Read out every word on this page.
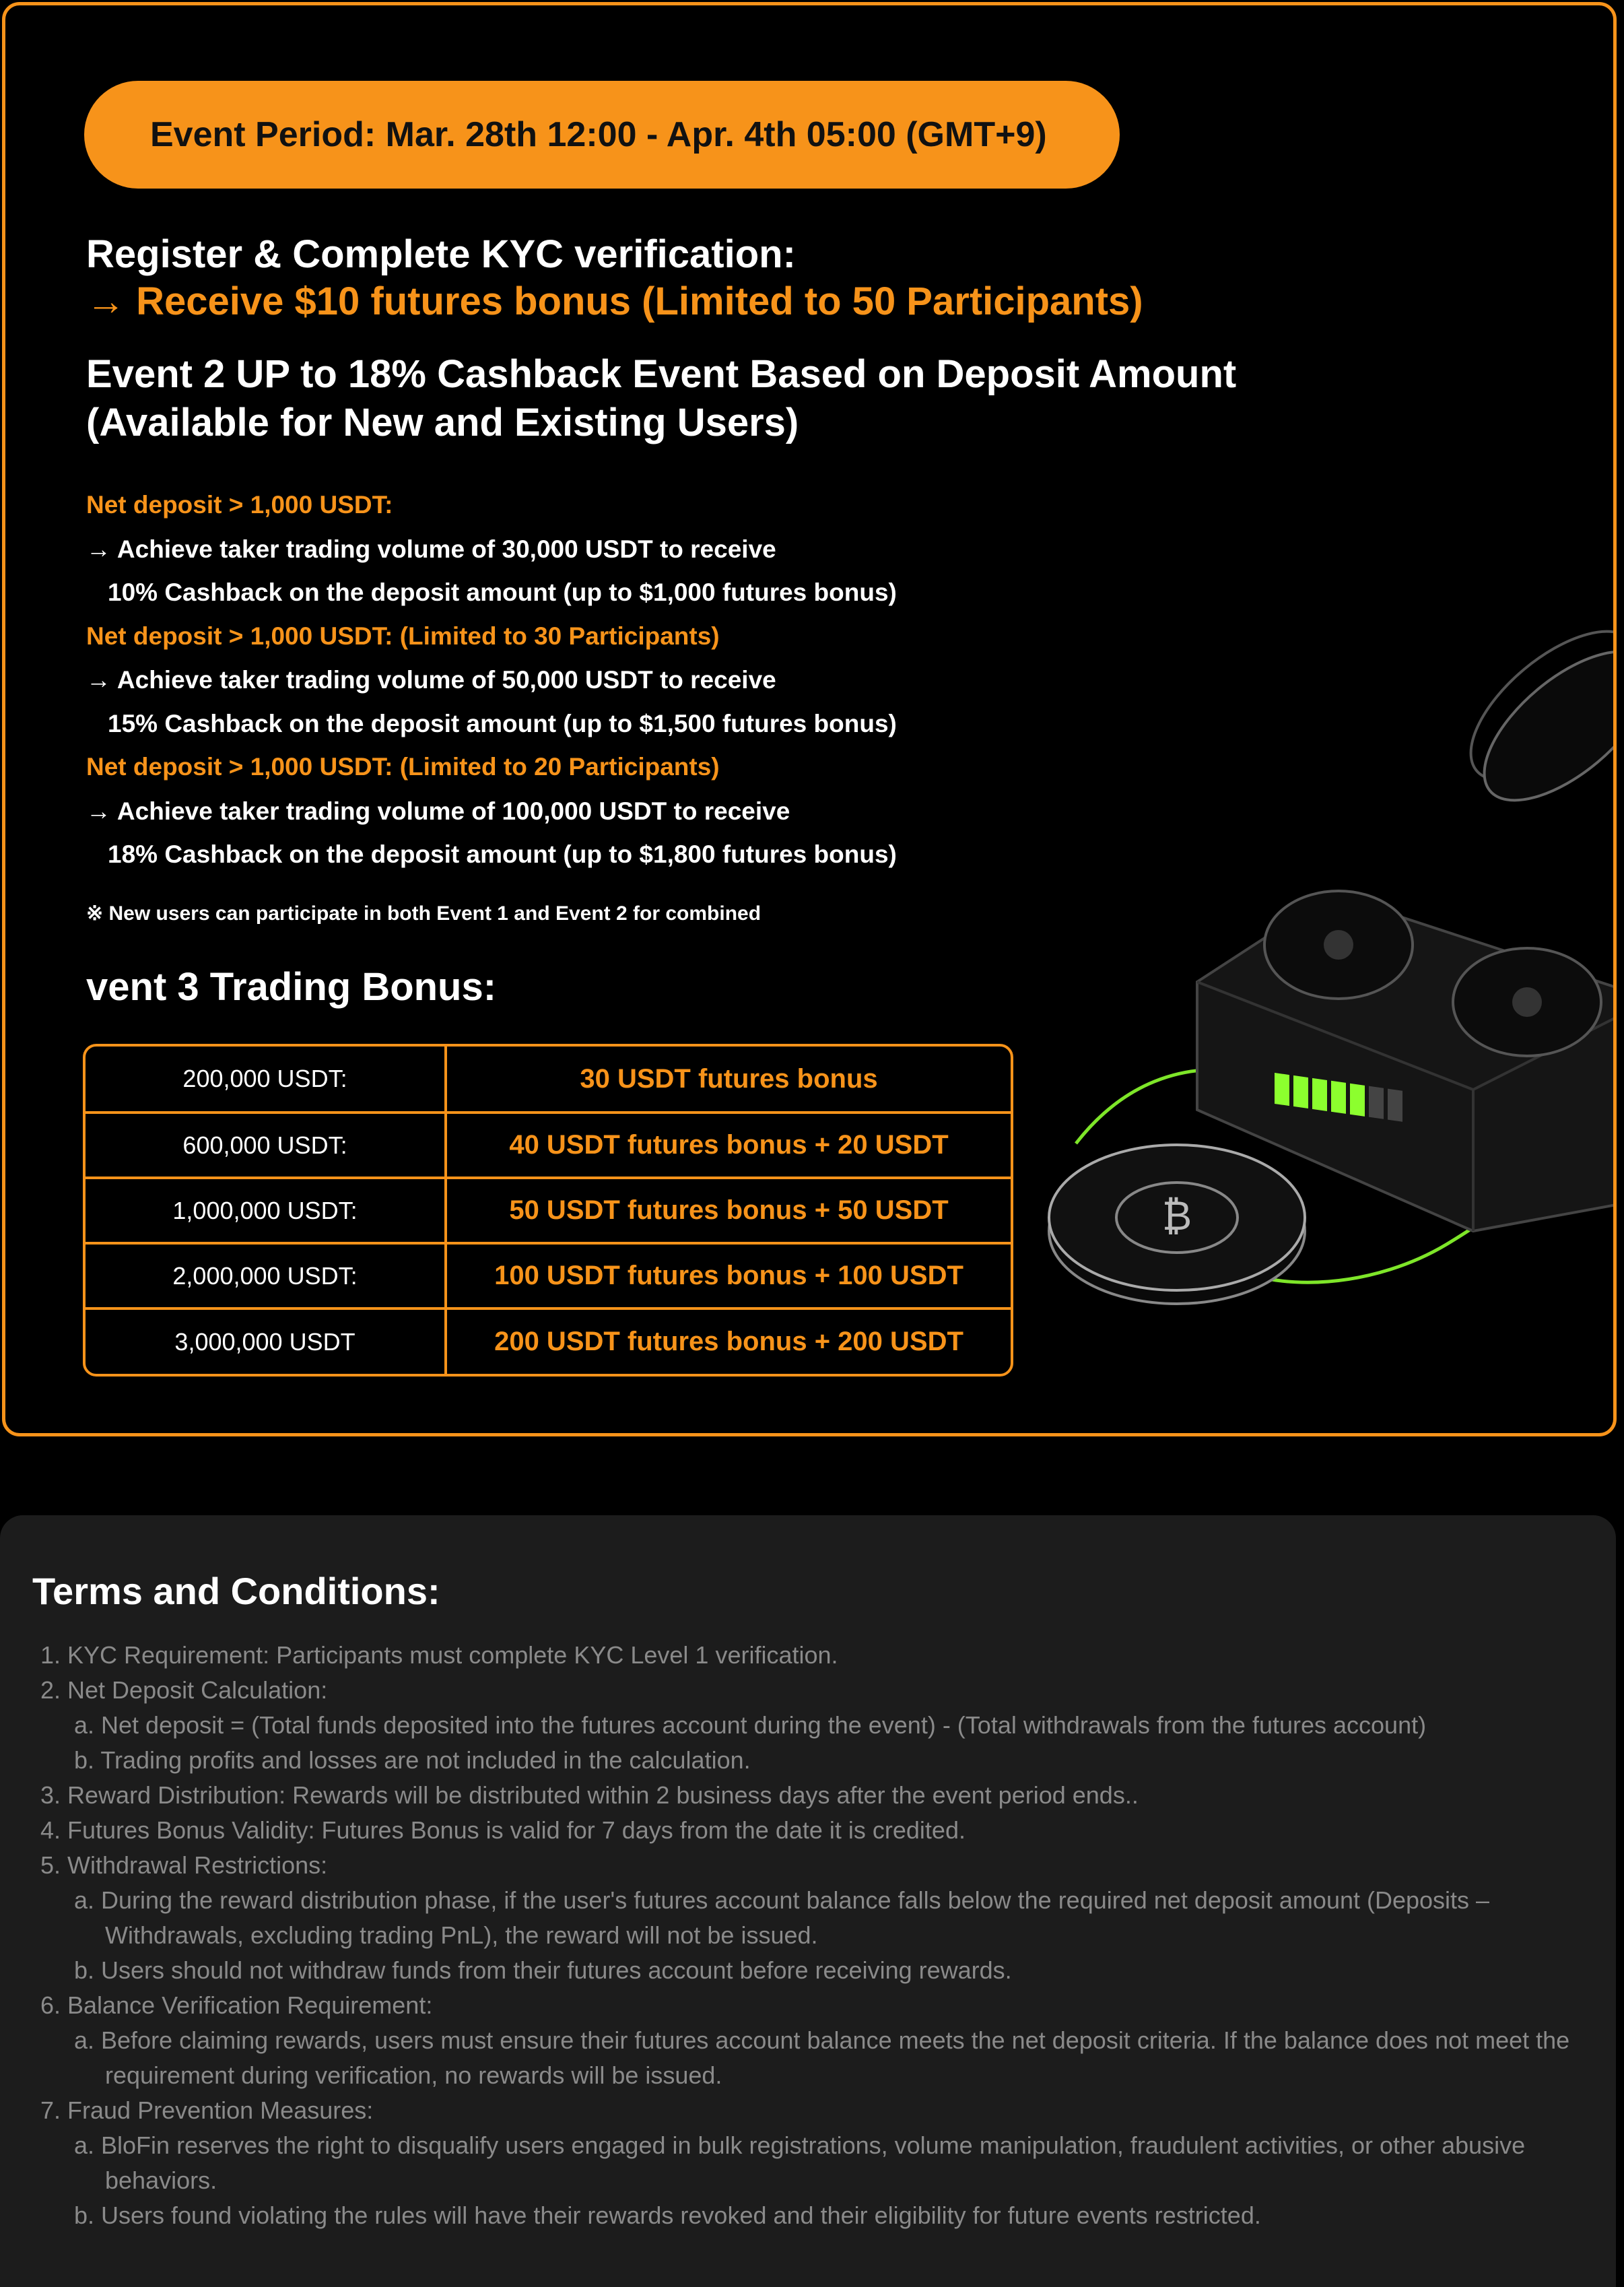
Event Period: Mar. 28th 12:00 - Apr. 4th 05:00 (GMT+9)
Register & Complete KYC verification:
→ Receive $10 futures bonus (Limited to 50 Participants)
Event 2 UP to 18% Cashback Event Based on Deposit Amount
(Available for New and Existing Users)
Net deposit > 1,000 USDT:
→ Achieve taker trading volume of 30,000 USDT to receive
10% Cashback on the deposit amount (up to $1,000 futures bonus)
Net deposit > 1,000 USDT: (Limited to 30 Participants)
→ Achieve taker trading volume of 50,000 USDT to receive
15% Cashback on the deposit amount (up to $1,500 futures bonus)
Net deposit > 1,000 USDT: (Limited to 20 Participants)
→ Achieve taker trading volume of 100,000 USDT to receive
18% Cashback on the deposit amount (up to $1,800 futures bonus)
※ New users can participate in both Event 1 and Event 2 for combined
vent 3 Trading Bonus:
200,000 USDT:	30 USDT futures bonus
600,000 USDT:	40 USDT futures bonus + 20 USDT
1,000,000 USDT:	50 USDT futures bonus + 50 USDT
2,000,000 USDT:	100 USDT futures bonus + 100 USDT
3,000,000 USDT	200 USDT futures bonus + 200 USDT
₿
Terms and Conditions:
1. KYC Requirement: Participants must complete KYC Level 1 verification.
2. Net Deposit Calculation:
a. Net deposit = (Total funds deposited into the futures account during the event) - (Total withdrawals from the futures account)
b. Trading profits and losses are not included in the calculation.
3. Reward Distribution: Rewards will be distributed within 2 business days after the event period ends..
4. Futures Bonus Validity: Futures Bonus is valid for 7 days from the date it is credited.
5. Withdrawal Restrictions:
a. During the reward distribution phase, if the user's futures account balance falls below the required net deposit amount (Deposits –
Withdrawals, excluding trading PnL), the reward will not be issued.
b. Users should not withdraw funds from their futures account before receiving rewards.
6. Balance Verification Requirement:
a. Before claiming rewards, users must ensure their futures account balance meets the net deposit criteria. If the balance does not meet the
requirement during verification, no rewards will be issued.
7. Fraud Prevention Measures:
a. BloFin reserves the right to disqualify users engaged in bulk registrations, volume manipulation, fraudulent activities, or other abusive
behaviors.
b. Users found violating the rules will have their rewards revoked and their eligibility for future events restricted.
